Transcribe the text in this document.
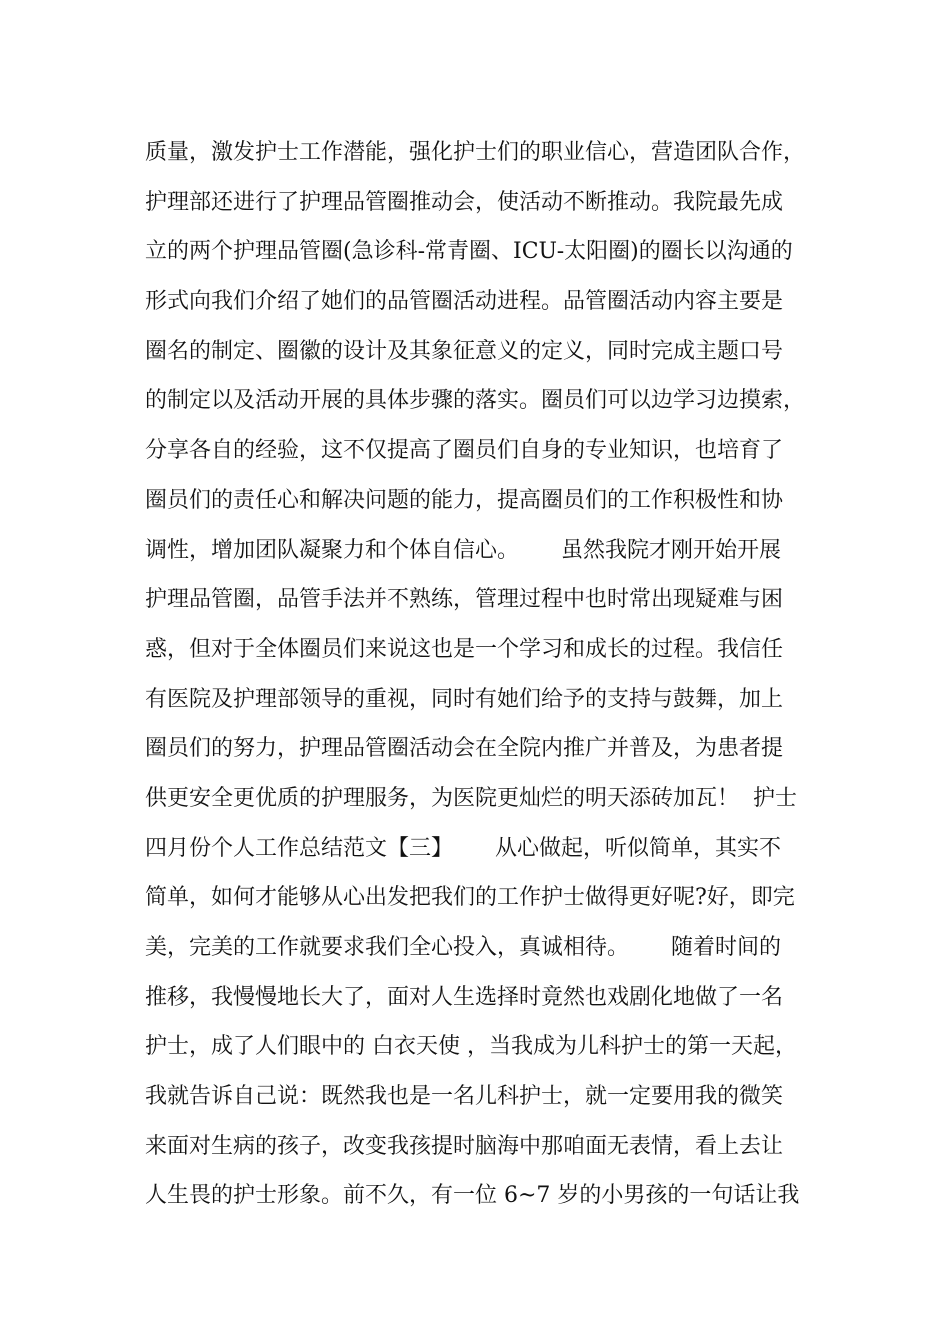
质量，激发护士工作潜能，强化护士们的职业信心，营造团队合作，
护理部还进行了护理品管圈推动会，使活动不断推动。我院最先成
立的两个护理品管圈(急诊科-常青圈、ICU-太阳圈)的圈长以沟通的
形式向我们介绍了她们的品管圈活动进程。品管圈活动内容主要是
圈名的制定、圈徽的设计及其象征意义的定义，同时完成主题口号
的制定以及活动开展的具体步骤的落实。圈员们可以边学习边摸索，
分享各自的经验，这不仅提高了圈员们自身的专业知识，也培育了
圈员们的责任心和解决问题的能力，提高圈员们的工作积极性和协
调性，增加团队凝聚力和个体自信心。      虽然我院才刚开始开展
护理品管圈，品管手法并不熟练，管理过程中也时常出现疑难与困
惑，但对于全体圈员们来说这也是一个学习和成长的过程。我信任
有医院及护理部领导的重视，同时有她们给予的支持与鼓舞，加上
圈员们的努力，护理品管圈活动会在全院内推广并普及，为患者提
供更安全更优质的护理服务，为医院更灿烂的明天添砖加瓦！  护士
四月份个人工作总结范文【三】      从心做起，听似简单，其实不
简单，如何才能够从心出发把我们的工作护士做得更好呢?好，即完
美，完美的工作就要求我们全心投入，真诚相待。      随着时间的
推移，我慢慢地长大了，面对人生选择时竟然也戏剧化地做了一名
护士，成了人们眼中的 白衣天使 ，当我成为儿科护士的第一天起，
我就告诉自己说：既然我也是一名儿科护士，就一定要用我的微笑
来面对生病的孩子，改变我孩提时脑海中那咱面无表情，看上去让
人生畏的护士形象。前不久，有一位 6~7 岁的小男孩的一句话让我
